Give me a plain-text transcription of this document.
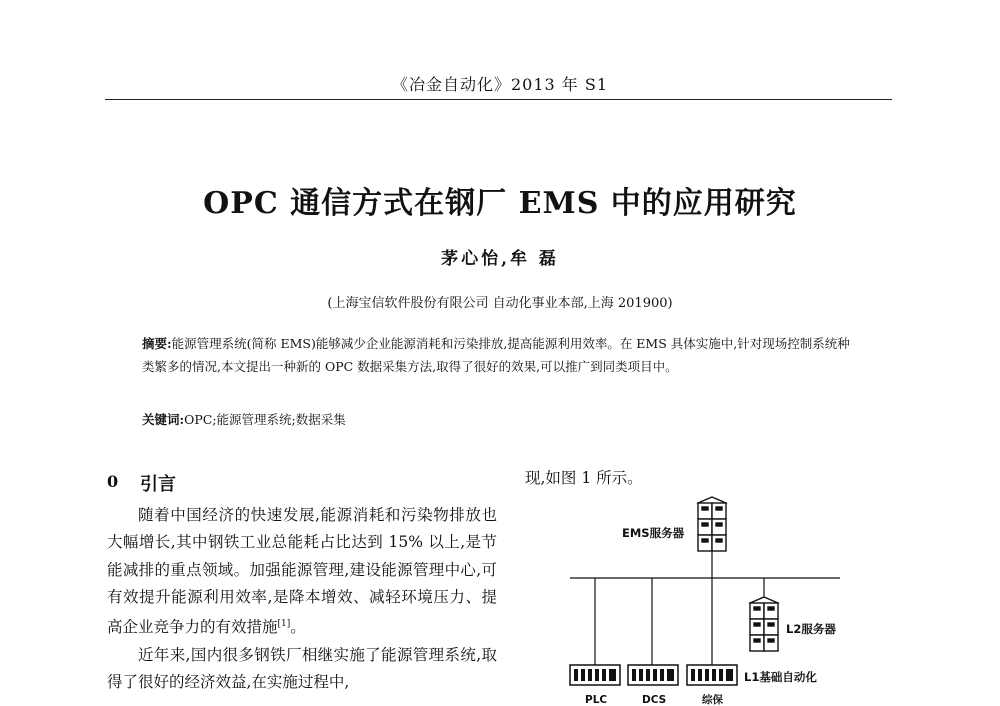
《冶金自动化》2013 年 S1
OPC 通信方式在钢厂 EMS 中的应用研究
茅心怡,牟 磊
(上海宝信软件股份有限公司 自动化事业本部,上海 201900)
摘要:能源管理系统(简称 EMS)能够减少企业能源消耗和污染排放,提高能源利用效率。在 EMS 具体实施中,针对现场控制系统种类繁多的情况,本文提出一种新的 OPC 数据采集方法,取得了很好的效果,可以推广到同类项目中。
关键词:OPC;能源管理系统;数据采集
0 引言

随着中国经济的快速发展,能源消耗和污染物排放也大幅增长,其中钢铁工业总能耗占比达到 15% 以上,是节能减排的重点领域。加强能源管理,建设能源管理中心,可有效提升能源利用效率,是降本增效、减轻环境压力、提高企业竞争力的有效措施[1]。

近年来,国内很多钢铁厂相继实施了能源管理系统,取得了很好的经济效益,在实施过程中,

现,如图 1 所示。
EMS服务器
L2服务器
L1基础自动化
PLC	DCS	综保
